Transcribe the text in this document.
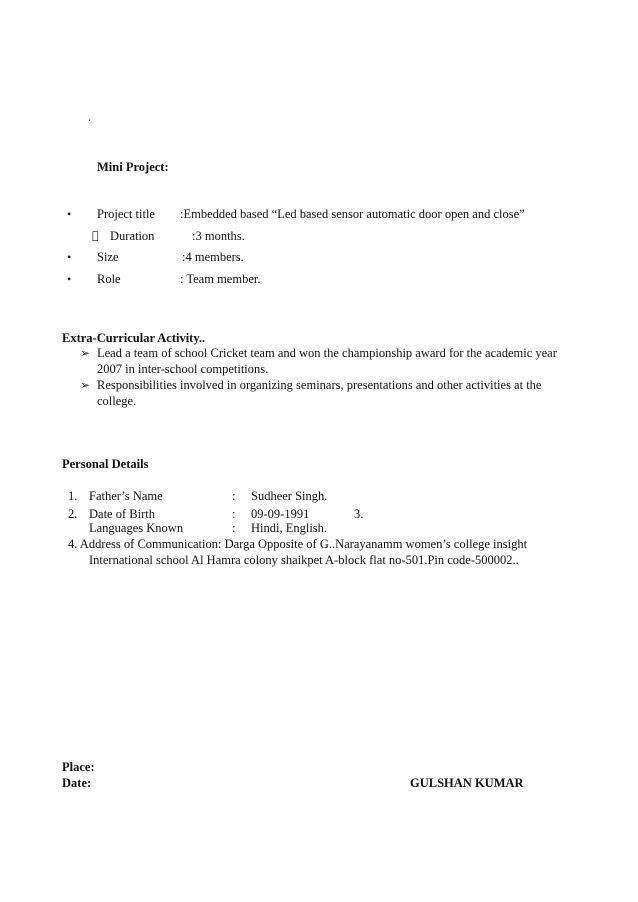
.
Mini Project:
• Project title :Embedded based “Led based sensor automatic door open and close”
Duration	:3 months.
• Size	:4 members.
• Role	: Team member.
Extra-Curricular Activity..
➢ Lead a team of school Cricket team and won the championship award for the academic year
2007 in inter-school competitions.
➢ Responsibilities involved in organizing seminars, presentations and other activities at the
college.
Personal Details
1. Father’s Name	: Sudheer Singh.
2. Date of Birth	: 09-09-1991	3.
Languages Known	: Hindi, English.
4. Address of Communication: Darga Opposite of G..Narayanamm women’s college insight
International school Al Hamra colony shaikpet A-block flat no-501.Pin code-500002..
Place:
Date:	GULSHAN KUMAR
